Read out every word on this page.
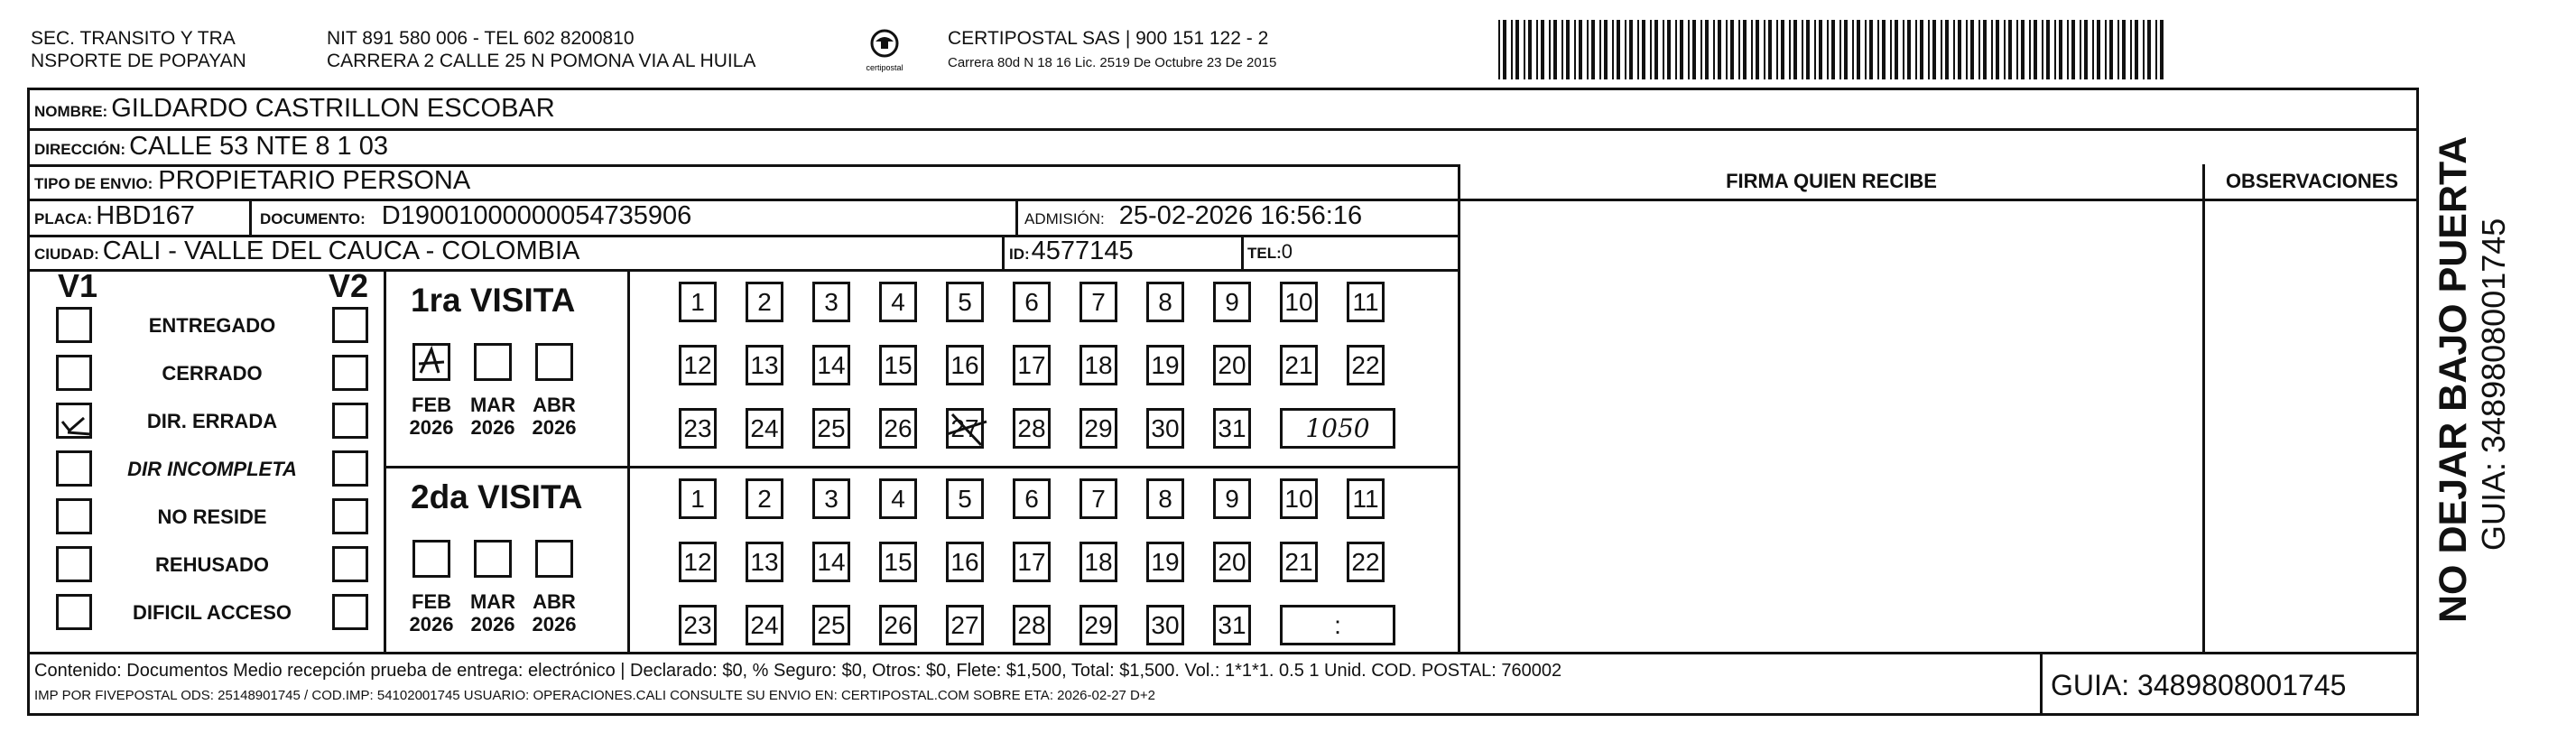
SEC. TRANSITO Y TRA
NSPORTE DE POPAYAN
NIT 891 580 006 - TEL 602 8200810
CARRERA 2 CALLE 25 N POMONA VIA AL HUILA	certipostal
CERTIPOSTAL SAS | 900 151 122 - 2
Carrera 80d N 18 16 Lic. 2519 De Octubre 23 De 2015
NOMBRE: GILDARDO CASTRILLON ESCOBAR
DIRECCIÓN: CALLE 53 NTE 8 1 03
TIPO DE ENVIO: PROPIETARIO PERSONA	FIRMA QUIEN RECIBE	OBSERVACIONES
PLACA: HBD167	DOCUMENTO: D19001000000054735906	ADMISIÓN: 25-02-2026 16:56:16
CIUDAD: CALI - VALLE DEL CAUCA - COLOMBIA	ID: 4577145	TEL: 0
V1	V2
ENTREGADO
CERRADO
DIR. ERRADA
DIR INCOMPLETA
NO RESIDE
REHUSADO
DIFICIL ACCESO
1ra VISITA
FEB
2026
MAR
2026
ABR
2026
1	2	3	4	5	6	7	8	9	10 11
12 13 14 15 16 17 18 19 20 21 22
23 24 25 26 27 28 29 30 31	1050
2da VISITA
FEB
2026
MAR
2026
ABR
2026
1	2	3	4	5	6	7	8	9	10 11
12 13 14 15 16 17 18 19 20 21 22
23 24 25 26 27 28 29 30 31	:
Contenido: Documentos Medio recepción prueba de entrega: electrónico | Declarado: $0, % Seguro: $0, Otros: $0, Flete: $1,500, Total: $1,500. Vol.: 1*1*1. 0.5 1 Unid. COD. POSTAL: 760002
IMP POR FIVEPOSTAL ODS: 25148901745 / COD.IMP: 54102001745 USUARIO: OPERACIONES.CALI CONSULTE SU ENVIO EN: CERTIPOSTAL.COM SOBRE ETA: 2026-02-27 D+2	GUIA: 3489808001745
NO DEJAR BAJO PUERTA GUIA: 3489808001745
